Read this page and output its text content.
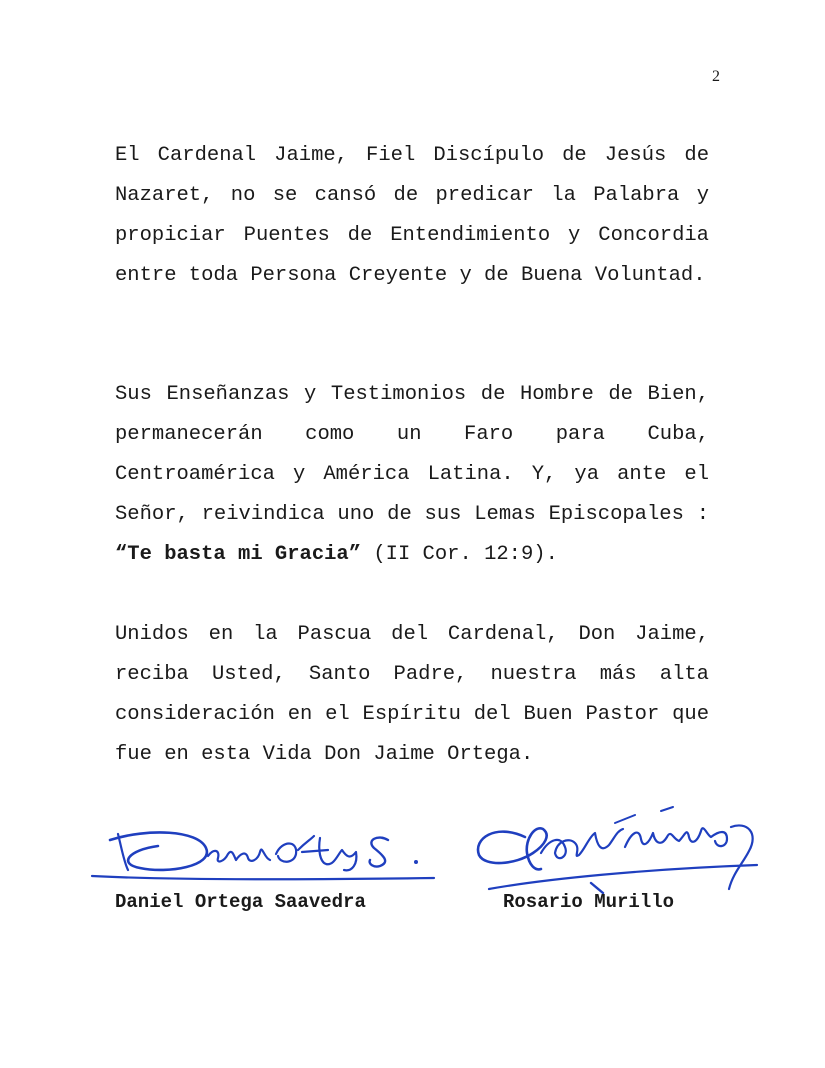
2

El Cardenal Jaime, Fiel Discípulo de Jesús de Nazaret, no se cansó de predicar la Palabra y propiciar Puentes de Entendimiento y Concordia entre toda Persona Creyente y de Buena Voluntad.

Sus Enseñanzas y Testimonios de Hombre de Bien, permanecerán como un Faro para Cuba, Centroamérica y América Latina. Y, ya ante el Señor, reivindica uno de sus Lemas Episcopales : “Te basta mi Gracia” (II Cor. 12:9).

Unidos en la Pascua del Cardenal, Don Jaime, reciba Usted, Santo Padre, nuestra más alta consideración en el Espíritu del Buen Pastor que fue en esta Vida Don Jaime Ortega.

Daniel Ortega Saavedra	Rosario Murillo
